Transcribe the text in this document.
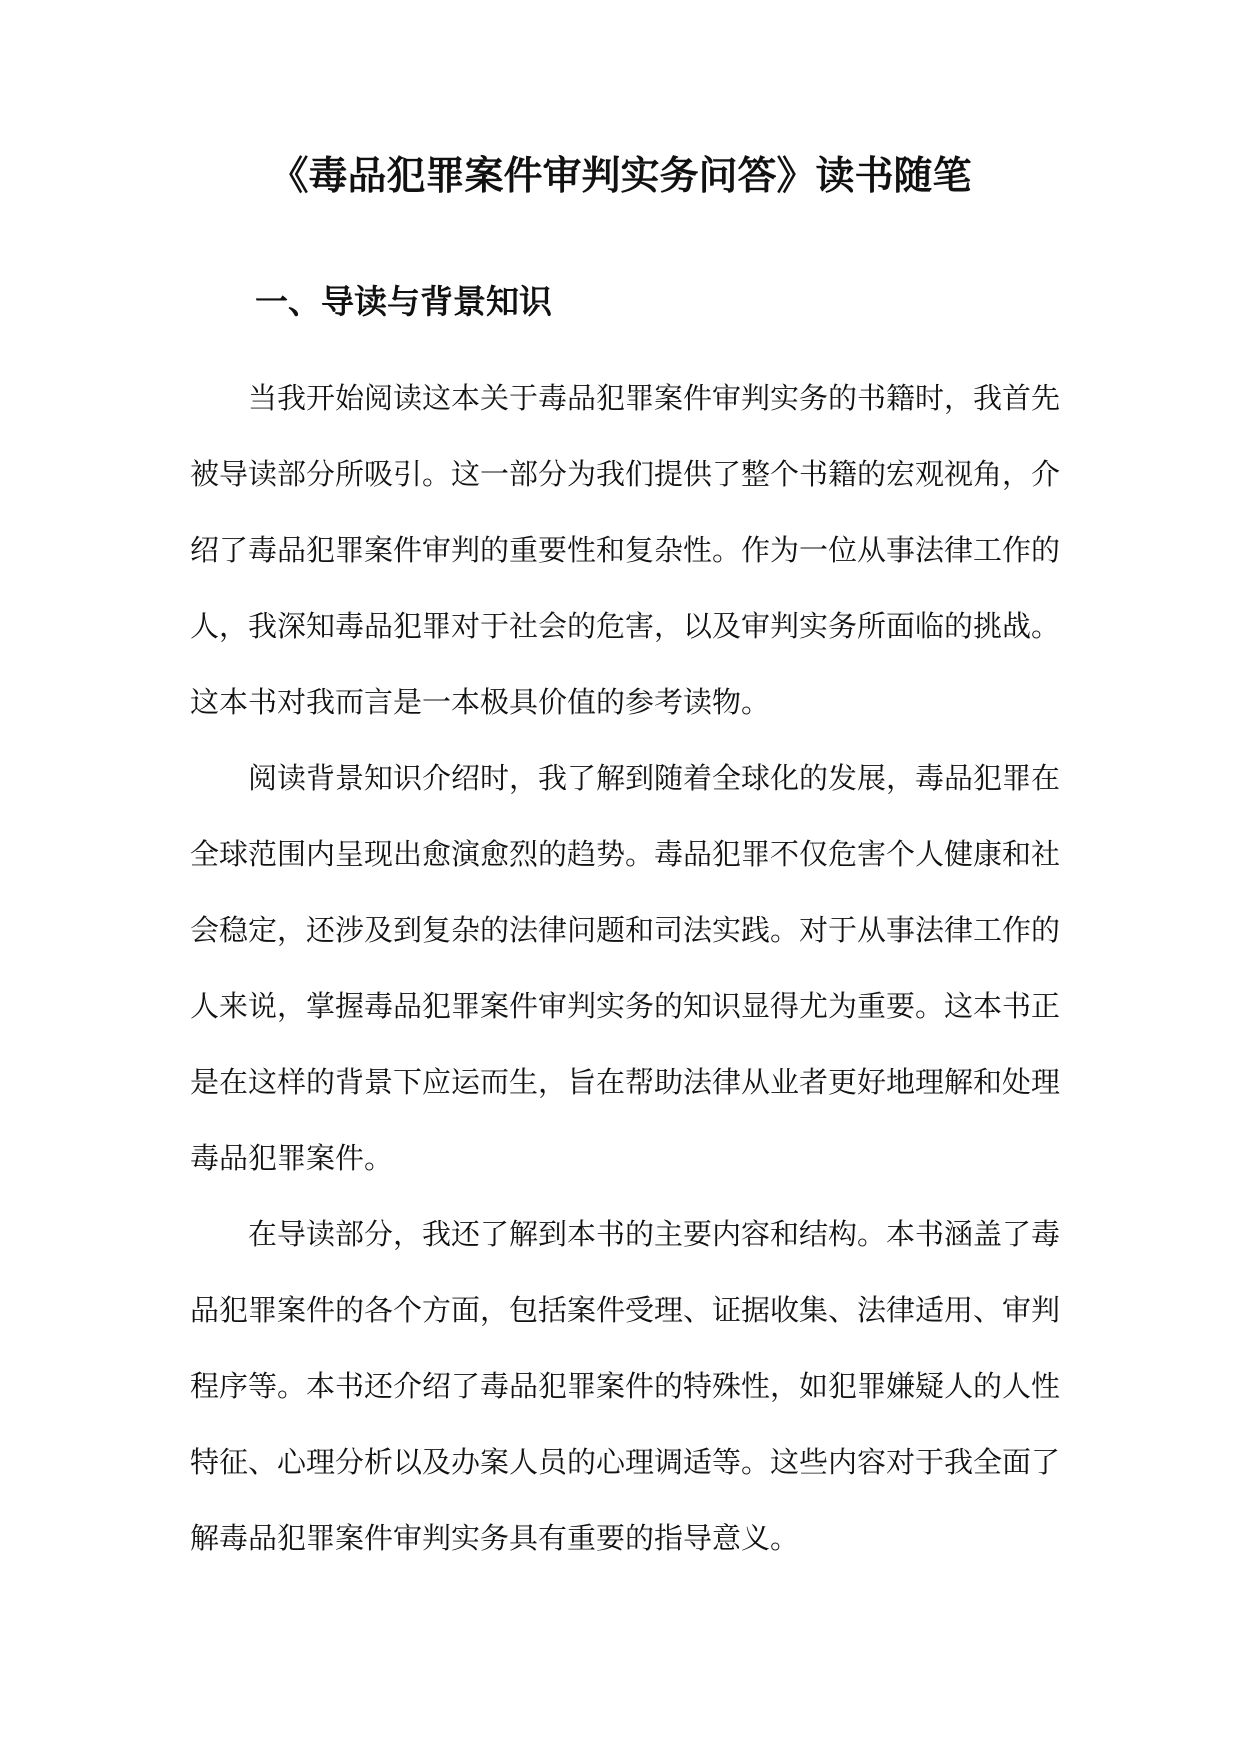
《毒品犯罪案件审判实务问答》读书随笔
一、导读与背景知识

当我开始阅读这本关于毒品犯罪案件审判实务的书籍时，我首先被导读部分所吸引。这一部分为我们提供了整个书籍的宏观视角，介绍了毒品犯罪案件审判的重要性和复杂性。作为一位从事法律工作的人，我深知毒品犯罪对于社会的危害，以及审判实务所面临的挑战。这本书对我而言是一本极具价值的参考读物。

阅读背景知识介绍时，我了解到随着全球化的发展，毒品犯罪在全球范围内呈现出愈演愈烈的趋势。毒品犯罪不仅危害个人健康和社会稳定，还涉及到复杂的法律问题和司法实践。对于从事法律工作的人来说，掌握毒品犯罪案件审判实务的知识显得尤为重要。这本书正是在这样的背景下应运而生，旨在帮助法律从业者更好地理解和处理毒品犯罪案件。

在导读部分，我还了解到本书的主要内容和结构。本书涵盖了毒品犯罪案件的各个方面，包括案件受理、证据收集、法律适用、审判程序等。本书还介绍了毒品犯罪案件的特殊性，如犯罪嫌疑人的人性特征、心理分析以及办案人员的心理调适等。这些内容对于我全面了解毒品犯罪案件审判实务具有重要的指导意义。
